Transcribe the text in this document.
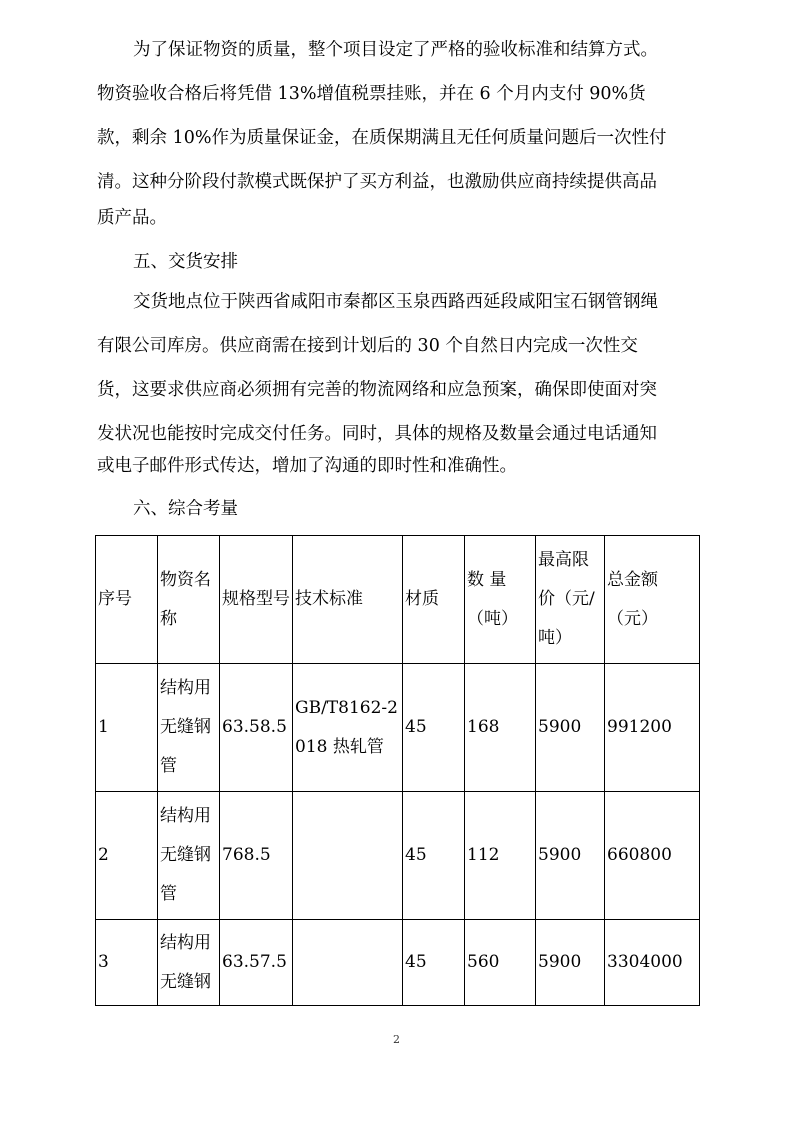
为了保证物资的质量，整个项目设定了严格的验收标准和结算方式。
物资验收合格后将凭借 13%增值税票挂账，并在 6 个月内支付 90%货
款，剩余 10%作为质量保证金，在质保期满且无任何质量问题后一次性付
清。这种分阶段付款模式既保护了买方利益，也激励供应商持续提供高品
质产品。
五、交货安排
交货地点位于陕西省咸阳市秦都区玉泉西路西延段咸阳宝石钢管钢绳
有限公司库房。供应商需在接到计划后的 30 个自然日内完成一次性交
货，这要求供应商必须拥有完善的物流网络和应急预案，确保即使面对突
发状况也能按时完成交付任务。同时，具体的规格及数量会通过电话通知
或电子邮件形式传达，增加了沟通的即时性和准确性。
六、综合考量
序号	物资名称	规格型号	技术标准	材质	数 量（吨）	最高限价（元/吨）	总金额（元）
1	结构用无缝钢管	63.58.5	GB/T8162-2018 热轧管	45	168	5900	991200
2	结构用无缝钢管	768.5		45	112	5900	660800
3	结构用无缝钢	63.57.5		45	560	5900	3304000
2
